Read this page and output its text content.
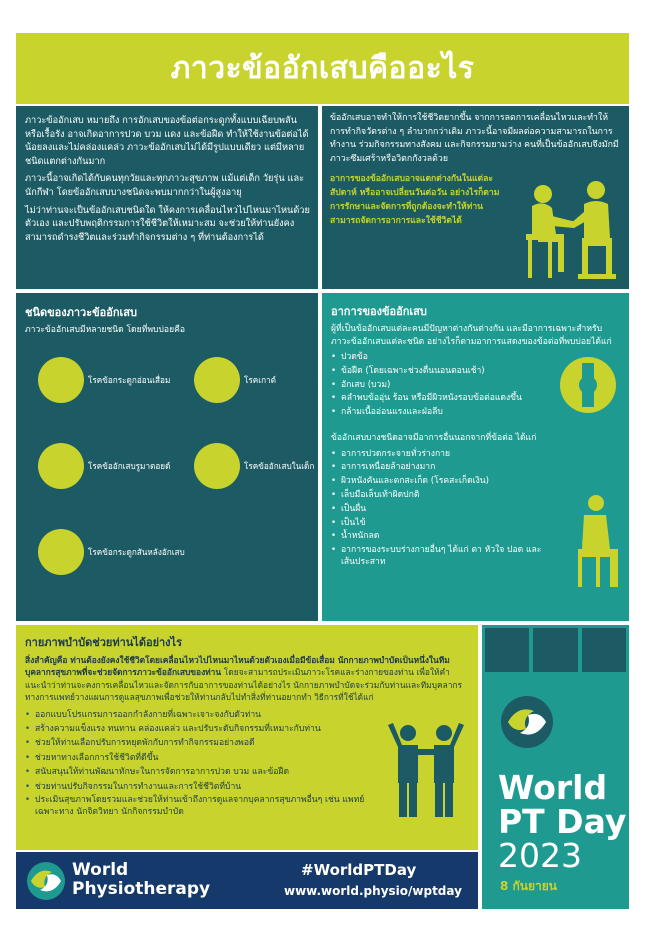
ภาวะข้ออักเสบคืออะไร

ภาวะข้ออักเสบ หมายถึง การอักเสบของข้อต่อกระดูกทั้งแบบเฉียบพลันหรือเรื้อรัง อาจเกิดอาการปวด บวม แดง และข้อฝืด ทำให้ใช้งานข้อต่อได้น้อยลงและไม่คล่องแคล่ว ภาวะข้ออักเสบไม่ได้มีรูปแบบเดียว แต่มีหลายชนิดแตกต่างกันมาก

ภาวะนี้อาจเกิดได้กับคนทุกวัยและทุกภาวะสุขภาพ แม้แต่เด็ก วัยรุ่น และนักกีฬา โดยข้ออักเสบบางชนิดจะพบมากกว่าในผู้สูงอายุ

ไม่ว่าท่านจะเป็นข้ออักเสบชนิดใด ให้คงการเคลื่อนไหวไปไหนมาไหนด้วยตัวเอง และปรับพฤติกรรมการใช้ชีวิตให้เหมาะสม จะช่วยให้ท่านยังคงสามารถดำรงชีวิตและร่วมทำกิจกรรมต่าง ๆ ที่ท่านต้องการได้

ข้ออักเสบอาจทำให้การใช้ชีวิตยากขึ้น จากการลดการเคลื่อนไหวและทำให้การทำกิจวัตรต่าง ๆ ลำบากกว่าเดิม ภาวะนี้อาจมีผลต่อความสามารถในการทำงาน ร่วมกิจกรรมทางสังคม และกิจกรรมยามว่าง คนที่เป็นข้ออักเสบจึงมักมีภาวะซึมเศร้าหรือวิตกกังวลด้วย

อาการของข้ออักเสบอาจแตกต่างกันในแต่ละสัปดาห์ หรืออาจเปลี่ยนวันต่อวัน อย่างไรก็ตามการรักษาและจัดการที่ถูกต้องจะทำให้ท่านสามารถจัดการอาการและใช้ชีวิตได้

ชนิดของภาวะข้ออักเสบ
ภาวะข้ออักเสบมีหลายชนิด โดยที่พบบ่อยคือ
โรคข้อกระดูกอ่อนเสื่อม	โรคเกาต์
โรคข้ออักเสบรูมาตอยด์	โรคข้ออักเสบในเด็ก
โรคข้อกระดูกสันหลังอักเสบ
อาการของข้ออักเสบ

ผู้ที่เป็นข้ออักเสบแต่ละคนมีปัญหาต่างกันต่างกัน และมีอาการเฉพาะสำหรับภาวะข้ออักเสบแต่ละชนิด อย่างไรก็ตามอาการแสดงของข้อต่อที่พบบ่อยได้แก่

• ปวดข้อ
• ข้อฝืด (โดยเฉพาะช่วงตื่นนอนตอนเช้า)
• อักเสบ (บวม)
• คลำพบข้ออุ่น ร้อน หรือมีผิวหนังรอบข้อต่อแดงขึ้น
• กล้ามเนื้ออ่อนแรงและฝ่อลีบ

ข้ออักเสบบางชนิดอาจมีอาการอื่นนอกจากที่ข้อต่อ ได้แก่

• อาการปวดกระจายทั่วร่างกาย
• อาการเหนื่อยล้าอย่างมาก
• ผิวหนังคันและตกสะเก็ด (โรคสะเก็ดเงิน)
• เล็บมือเล็บเท้าผิดปกติ
• เป็นผื่น
• เป็นไข้
• น้ำหนักลด
• อาการของระบบร่างกายอื่นๆ ได้แก่ ตา หัวใจ ปอด และเส้นประสาท
กายภาพบำบัดช่วยท่านได้อย่างไร

สิ่งสำคัญคือ ท่านต้องยังคงใช้ชีวิตโดยเคลื่อนไหวไปไหนมาไหนด้วยตัวเองเมื่อมีข้อเสื่อม นักกายภาพบำบัดเป็นหนึ่งในทีมบุคลากรสุขภาพที่จะช่วยจัดการภาวะข้ออักเสบของท่าน โดยจะสามารถประเมินภาวะโรคและร่างกายของท่าน เพื่อให้คำแนะนำว่าท่านจะคงการเคลื่อนไหวและจัดการกับอาการของท่านได้อย่างไร นักกายภาพบำบัดจะร่วมกับท่านและทีมบุคลากรทางการแพทย์วางแผนการดูแลสุขภาพเพื่อช่วยให้ท่านกลับไปทำสิ่งที่ท่านอยากทำ วิธีการที่ใช้ได้แก่

• ออกแบบโปรแกรมการออกกำลังกายที่เฉพาะเจาะจงกับตัวท่าน
• สร้างความแข็งแรง ทนทาน คล่องแคล่ว และปรับระดับกิจกรรมที่เหมาะกับท่าน
• ช่วยให้ท่านเลือกปรับการหยุดพักกับการทำกิจกรรมอย่างพอดี
• ช่วยหาทางเลือกการใช้ชีวิตที่ดีขึ้น
• สนับสนุนให้ท่านพัฒนาทักษะในการจัดการอาการปวด บวม และข้อฝืด
• ช่วยท่านปรับกิจกรรมในการทำงานและการใช้ชีวิตที่บ้าน
• ประเมินสุขภาพโดยรวมและช่วยให้ท่านเข้าถึงการดูแลจากบุคลากรสุขภาพอื่นๆ เช่น แพทย์เฉพาะทาง นักจิตวิทยา นักกิจกรรมบำบัด
World
PT Day
2023
8 กันยายน
World
Physiotherapy
#WorldPTDay
www.world.physio/wptday
